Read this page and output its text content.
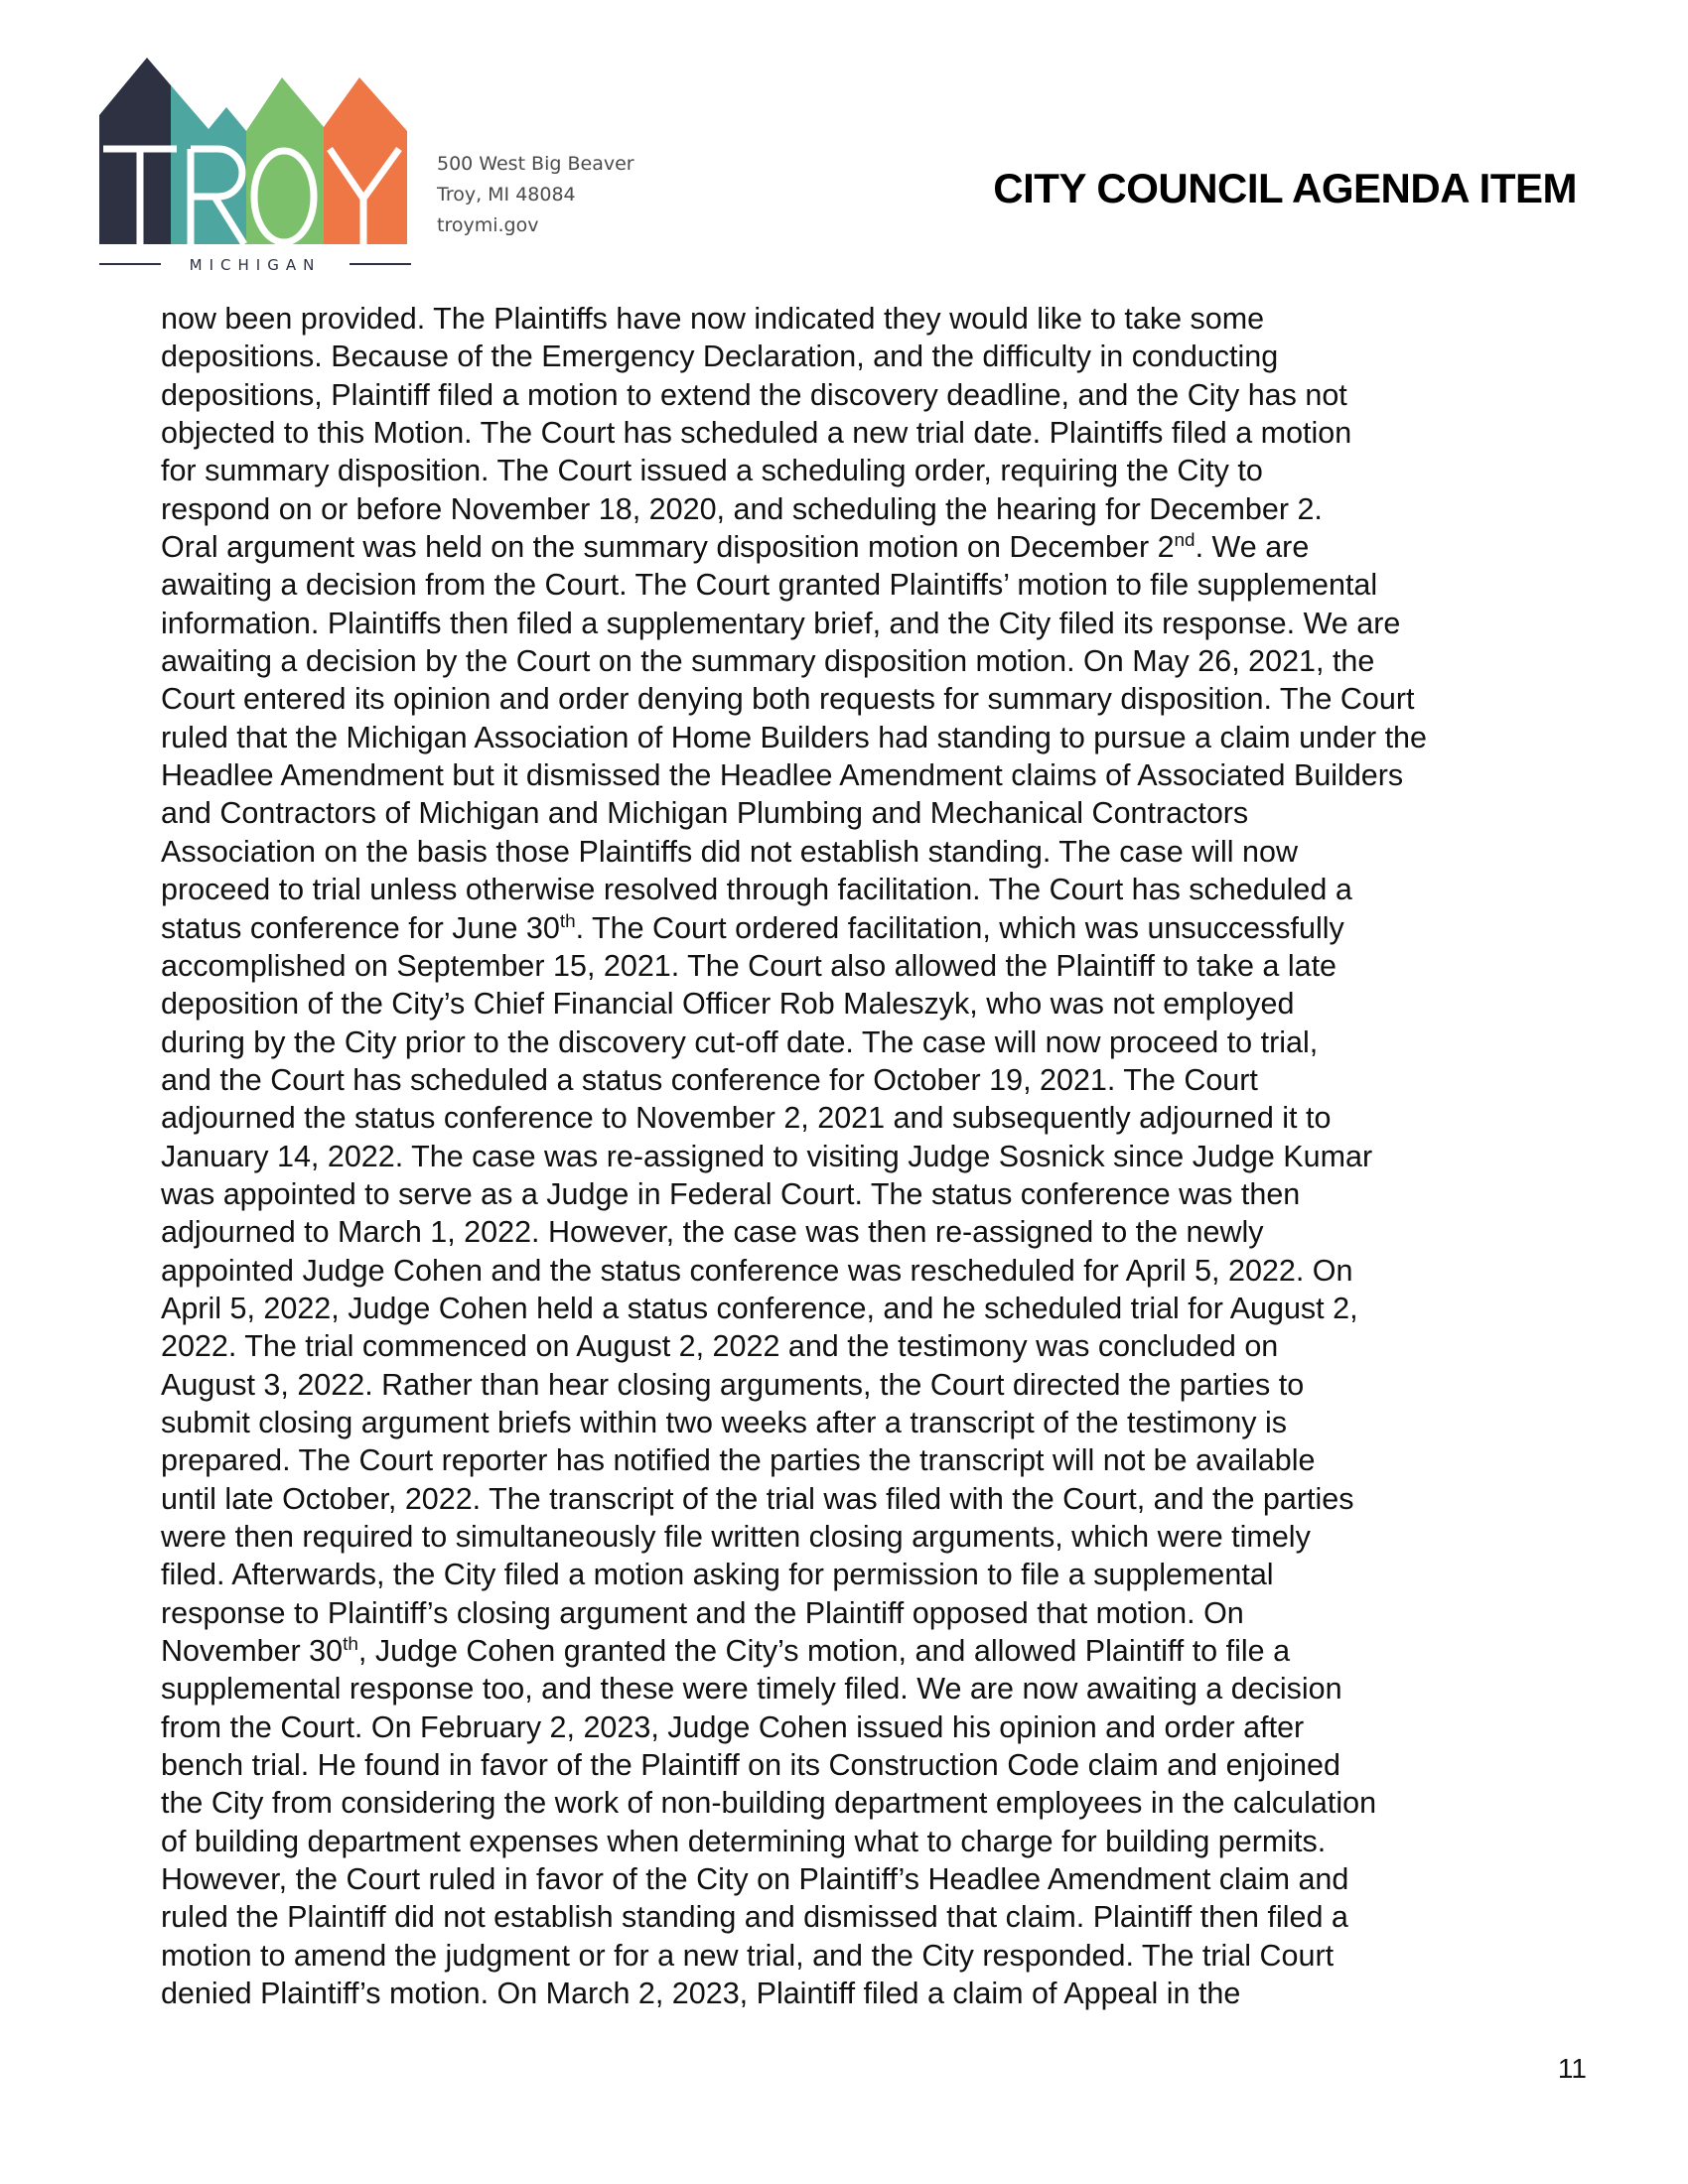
MICHIGAN
500 West Big Beaver
Troy, MI 48084
troymi.gov
CITY COUNCIL AGENDA ITEM
now been provided. The Plaintiffs have now indicated they would like to take some
depositions. Because of the Emergency Declaration, and the difficulty in conducting
depositions, Plaintiff filed a motion to extend the discovery deadline, and the City has not
objected to this Motion. The Court has scheduled a new trial date. Plaintiffs filed a motion
for summary disposition. The Court issued a scheduling order, requiring the City to
respond on or before November 18, 2020, and scheduling the hearing for December 2.
Oral argument was held on the summary disposition motion on December 2nd. We are
awaiting a decision from the Court. The Court granted Plaintiffs’ motion to file supplemental
information. Plaintiffs then filed a supplementary brief, and the City filed its response. We are
awaiting a decision by the Court on the summary disposition motion. On May 26, 2021, the
Court entered its opinion and order denying both requests for summary disposition. The Court
ruled that the Michigan Association of Home Builders had standing to pursue a claim under the
Headlee Amendment but it dismissed the Headlee Amendment claims of Associated Builders
and Contractors of Michigan and Michigan Plumbing and Mechanical Contractors
Association on the basis those Plaintiffs did not establish standing. The case will now
proceed to trial unless otherwise resolved through facilitation. The Court has scheduled a
status conference for June 30th. The Court ordered facilitation, which was unsuccessfully
accomplished on September 15, 2021. The Court also allowed the Plaintiff to take a late
deposition of the City’s Chief Financial Officer Rob Maleszyk, who was not employed
during by the City prior to the discovery cut-off date. The case will now proceed to trial,
and the Court has scheduled a status conference for October 19, 2021. The Court
adjourned the status conference to November 2, 2021 and subsequently adjourned it to
January 14, 2022. The case was re-assigned to visiting Judge Sosnick since Judge Kumar
was appointed to serve as a Judge in Federal Court. The status conference was then
adjourned to March 1, 2022. However, the case was then re-assigned to the newly
appointed Judge Cohen and the status conference was rescheduled for April 5, 2022. On
April 5, 2022, Judge Cohen held a status conference, and he scheduled trial for August 2,
2022. The trial commenced on August 2, 2022 and the testimony was concluded on
August 3, 2022. Rather than hear closing arguments, the Court directed the parties to
submit closing argument briefs within two weeks after a transcript of the testimony is
prepared. The Court reporter has notified the parties the transcript will not be available
until late October, 2022. The transcript of the trial was filed with the Court, and the parties
were then required to simultaneously file written closing arguments, which were timely
filed. Afterwards, the City filed a motion asking for permission to file a supplemental
response to Plaintiff’s closing argument and the Plaintiff opposed that motion. On
November 30th, Judge Cohen granted the City’s motion, and allowed Plaintiff to file a
supplemental response too, and these were timely filed. We are now awaiting a decision
from the Court. On February 2, 2023, Judge Cohen issued his opinion and order after
bench trial. He found in favor of the Plaintiff on its Construction Code claim and enjoined
the City from considering the work of non-building department employees in the calculation
of building department expenses when determining what to charge for building permits.
However, the Court ruled in favor of the City on Plaintiff’s Headlee Amendment claim and
ruled the Plaintiff did not establish standing and dismissed that claim. Plaintiff then filed a
motion to amend the judgment or for a new trial, and the City responded. The trial Court
denied Plaintiff’s motion. On March 2, 2023, Plaintiff filed a claim of Appeal in the
11
